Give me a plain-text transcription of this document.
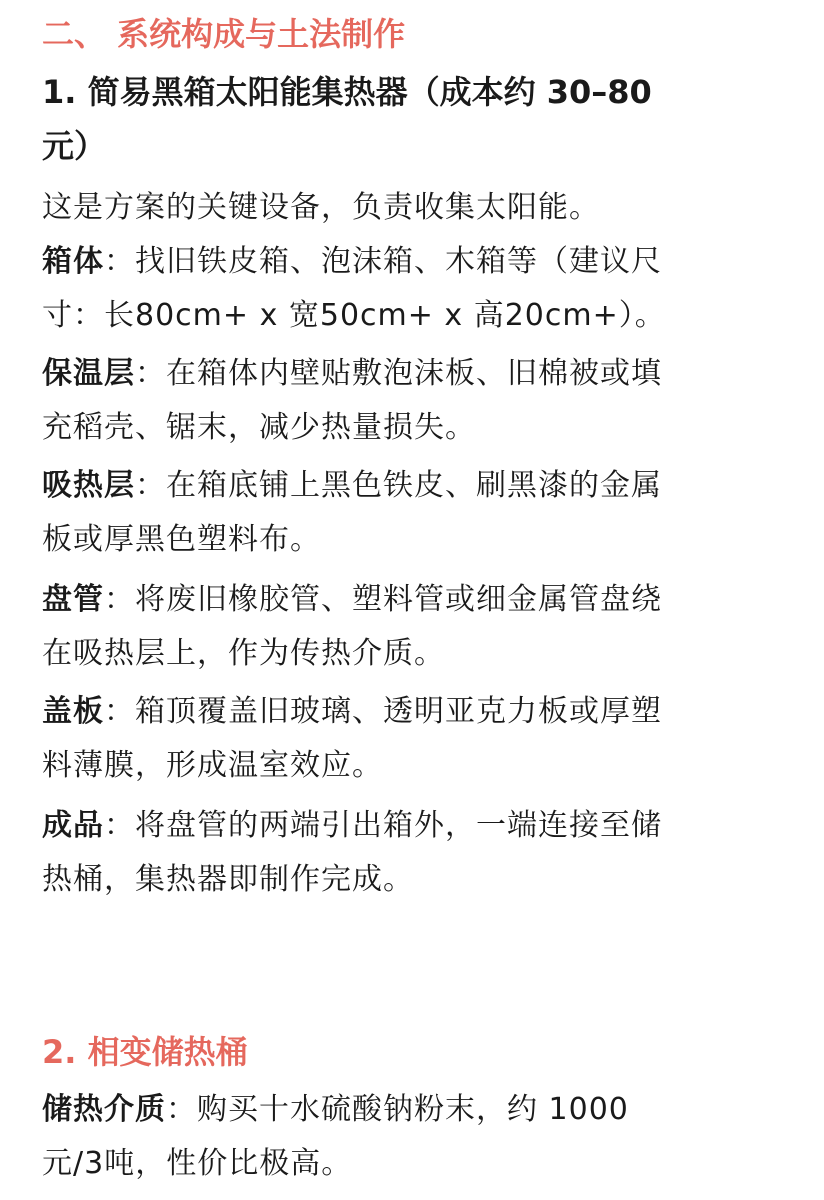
二、 系统构成与土法制作
1. 简易黑箱太阳能集热器（成本约 30–80
元）
这是方案的关键设备，负责收集太阳能。
箱体：找旧铁皮箱、泡沫箱、木箱等（建议尺
寸：长80cm+ x 宽50cm+ x 高20cm+）。
保温层：在箱体内壁贴敷泡沫板、旧棉被或填
充稻壳、锯末，减少热量损失。
吸热层：在箱底铺上黑色铁皮、刷黑漆的金属
板或厚黑色塑料布。
盘管：将废旧橡胶管、塑料管或细金属管盘绕
在吸热层上，作为传热介质。
盖板：箱顶覆盖旧玻璃、透明亚克力板或厚塑
料薄膜，形成温室效应。
成品：将盘管的两端引出箱外，一端连接至储
热桶，集热器即制作完成。
2. 相变储热桶
储热介质：购买十水硫酸钠粉末，约 1000
元/3吨，性价比极高。
